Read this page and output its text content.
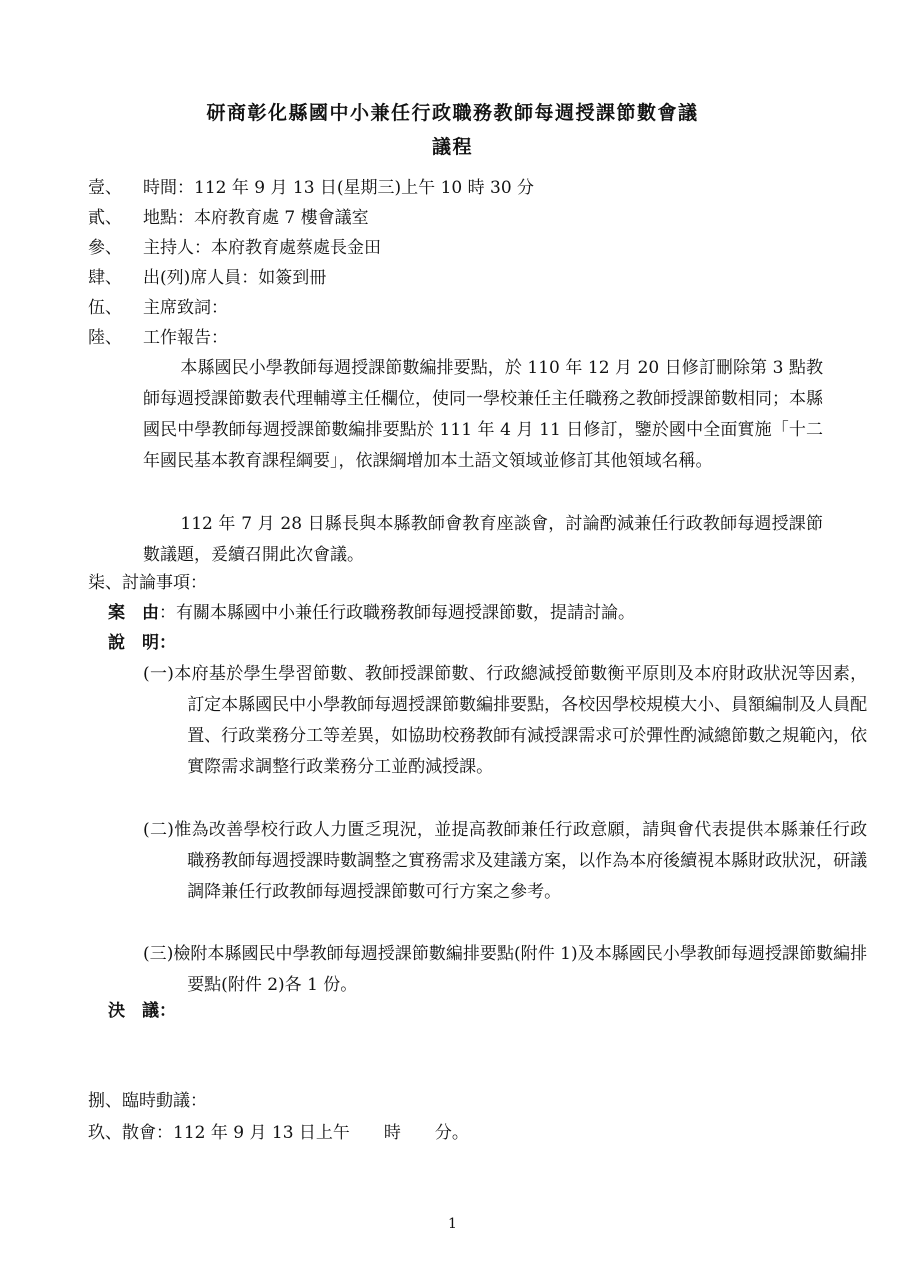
研商彰化縣國中小兼任行政職務教師每週授課節數會議
議程
壹、 時間：112 年 9 月 13 日(星期三)上午 10 時 30 分
貳、 地點：本府教育處 7 樓會議室
參、 主持人：本府教育處蔡處長金田
肆、 出(列)席人員：如簽到冊
伍、 主席致詞：
陸、 工作報告：
本縣國民小學教師每週授課節數編排要點，於 110 年 12 月 20 日修訂刪除第 3 點教師每週授課節數表代理輔導主任欄位，使同一學校兼任主任職務之教師授課節數相同；本縣國民中學教師每週授課節數編排要點於 111 年 4 月 11 日修訂，鑒於國中全面實施「十二年國民基本教育課程綱要」，依課綱增加本土語文領域並修訂其他領域名稱。
112 年 7 月 28 日縣長與本縣教師會教育座談會，討論酌減兼任行政教師每週授課節數議題，爰續召開此次會議。
柒、討論事項：
案　由：有關本縣國中小兼任行政職務教師每週授課節數，提請討論。
說　明：
(一)本府基於學生學習節數、教師授課節數、行政總減授節數衡平原則及本府財政狀況等因素，訂定本縣國民中小學教師每週授課節數編排要點，各校因學校規模大小、員額編制及人員配置、行政業務分工等差異，如協助校務教師有減授課需求可於彈性酌減總節數之規範內，依實際需求調整行政業務分工並酌減授課。
(二)惟為改善學校行政人力匱乏現況，並提高教師兼任行政意願，請與會代表提供本縣兼任行政職務教師每週授課時數調整之實務需求及建議方案，以作為本府後續視本縣財政狀況，研議調降兼任行政教師每週授課節數可行方案之參考。
(三)檢附本縣國民中學教師每週授課節數編排要點(附件 1)及本縣國民小學教師每週授課節數編排要點(附件 2)各 1 份。
決　議：
捌、臨時動議：
玖、散會：112 年 9 月 13 日上午　　時　　分。
1
